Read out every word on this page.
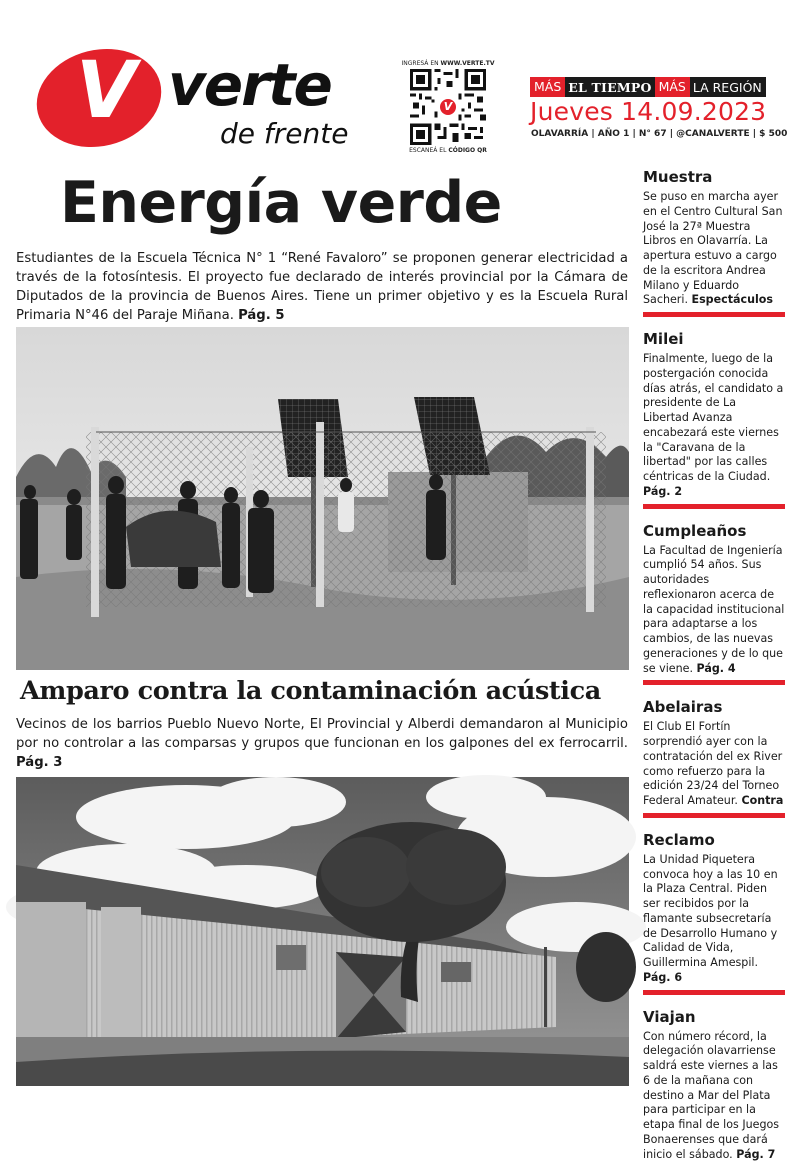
V verte
de frente
INGRESÁ EN WWW.VERTE.TV
V
ESCANEÁ EL CÓDIGO QR
MÁS EL TIEMPO MÁS LA REGIÓN
Jueves 14.09.2023
OLAVARRÍA | AÑO 1 | N° 67 | @CANALVERTE | $ 500
Energía verde

Estudiantes de la Escuela Técnica N° 1 “René Favaloro” se proponen generar electricidad a través de la fotosíntesis. El proyecto fue declarado de interés provincial por la Cámara de Diputados de la provincia de Buenos Aires. Tiene un primer objetivo y es la Escuela Rural Primaria N°46 del Paraje Miñana. Pág. 5

Amparo contra la contaminación acústica

Vecinos de los barrios Pueblo Nuevo Norte, El Provincial y Alberdi demandaron al Municipio por no controlar a las comparsas y grupos que funcionan en los galpones del ex ferrocarril. Pág. 3

Muestra
Se puso en marcha ayer en el Centro Cultural San José la 27ª Muestra Libros en Olavarría. La apertura estuvo a cargo de la escritora Andrea Milano y Eduardo Sacheri. Espectáculos
Milei
Finalmente, luego de la postergación conocida días atrás, el candidato a presidente de La Libertad Avanza encabezará este viernes la "Caravana de la libertad" por las calles céntricas de la Ciudad. Pág. 2
Cumpleaños
La Facultad de Ingeniería cumplió 54 años. Sus autoridades reflexionaron acerca de la capacidad institucional para adaptarse a los cambios, de las nuevas generaciones y de lo que se viene. Pág. 4
Abelairas
El Club El Fortín sorprendió ayer con la contratación del ex River como refuerzo para la edición 23/24 del Torneo Federal Amateur. Contra
Reclamo
La Unidad Piquetera convoca hoy a las 10 en la Plaza Central. Piden ser recibidos por la flamante subsecretaría de Desarrollo Humano y Calidad de Vida, Guillermina Amespil. Pág. 6
Viajan
Con número récord, la delegación olavarriense saldrá este viernes a las 6 de la mañana con destino a Mar del Plata para participar en la etapa final de los Juegos Bonaerenses que dará inicio el sábado. Pág. 7
